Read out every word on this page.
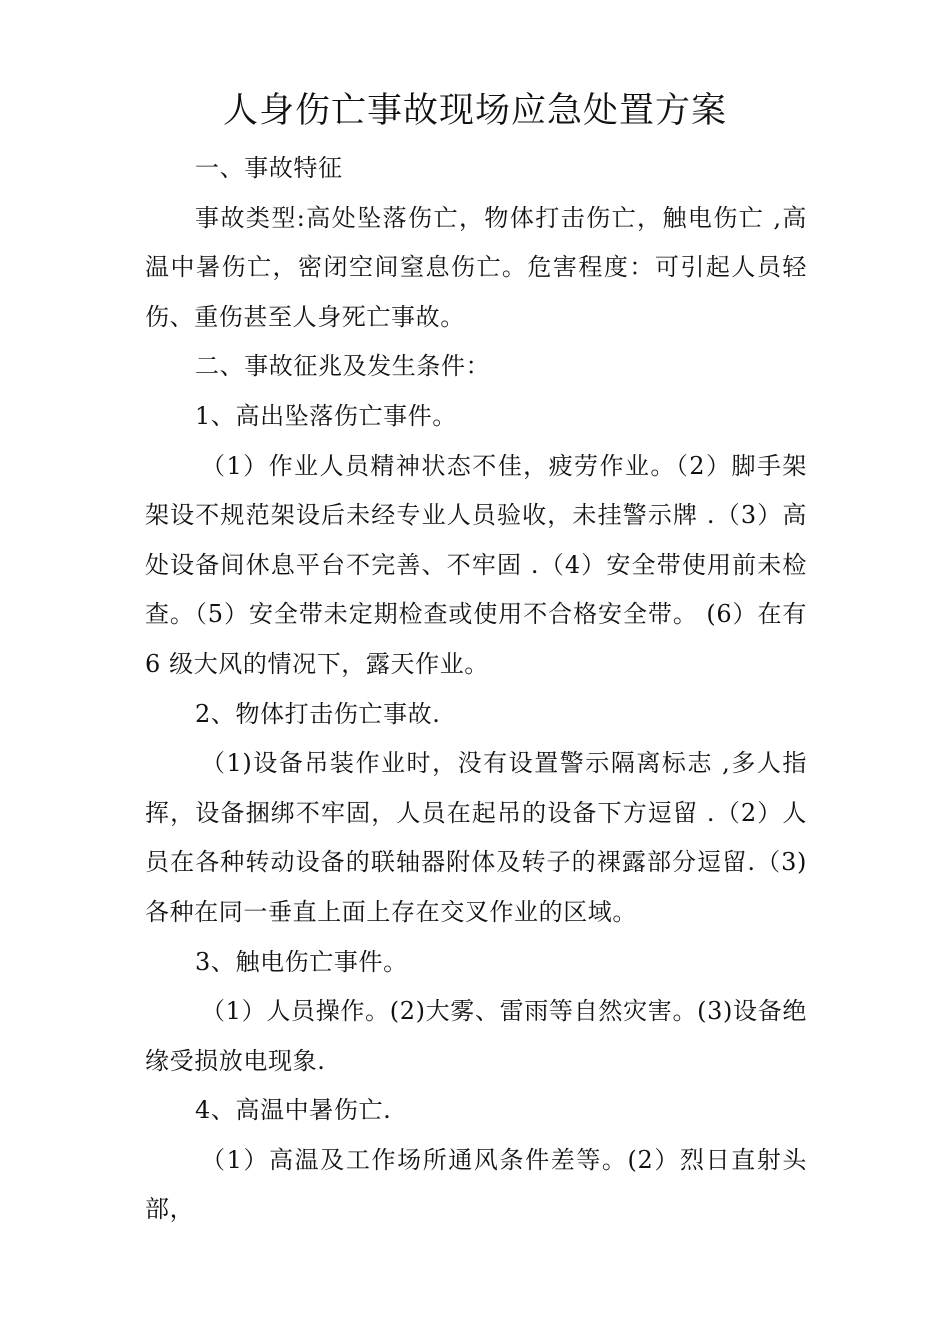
人身伤亡事故现场应急处置方案

一、事故特征

事故类型:高处坠落伤亡，物体打击伤亡，触电伤亡 ,高温中暑伤亡，密闭空间窒息伤亡。危害程度：可引起人员轻伤、重伤甚至人身死亡事故。

二、事故征兆及发生条件：

1、高出坠落伤亡事件。

（1）作业人员精神状态不佳，疲劳作业。（2）脚手架架设不规范架设后未经专业人员验收，未挂警示牌 .（3）高处设备间休息平台不完善、不牢固 .（4）安全带使用前未检查。（5）安全带未定期检查或使用不合格安全带。 (6）在有 6 级大风的情况下，露天作业。

2、物体打击伤亡事故.

（1)设备吊装作业时，没有设置警示隔离标志 ,多人指挥，设备捆绑不牢固，人员在起吊的设备下方逗留 .（2）人员在各种转动设备的联轴器附体及转子的裸露部分逗留.（3)各种在同一垂直上面上存在交叉作业的区域。

3、触电伤亡事件。

（1）人员操作。(2)大雾、雷雨等自然灾害。(3)设备绝缘受损放电现象.

4、高温中暑伤亡.

（1）高温及工作场所通风条件差等。(2）烈日直射头部，
